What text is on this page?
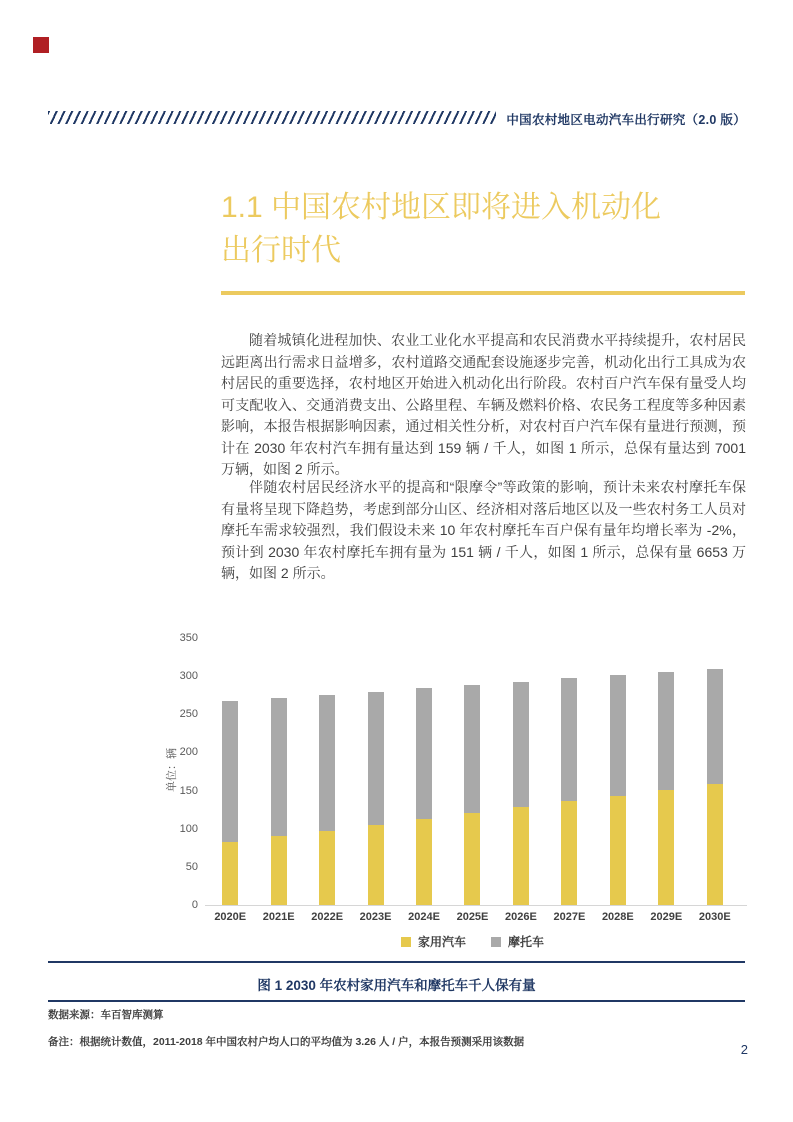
中国农村地区电动汽车出行研究（2.0 版）
1.1 中国农村地区即将进入机动化
出行时代

随着城镇化进程加快、农业工业化水平提高和农民消费水平持续提升，农村居民远距离出行需求日益增多，农村道路交通配套设施逐步完善，机动化出行工具成为农村居民的重要选择，农村地区开始进入机动化出行阶段。农村百户汽车保有量受人均可支配收入、交通消费支出、公路里程、车辆及燃料价格、农民务工程度等多种因素影响，本报告根据影响因素，通过相关性分析，对农村百户汽车保有量进行预测，预计在 2030 年农村汽车拥有量达到 159 辆 / 千人，如图 1 所示，总保有量达到 7001 万辆，如图 2 所示。

伴随农村居民经济水平的提高和“限摩令”等政策的影响，预计未来农村摩托车保有量将呈现下降趋势，考虑到部分山区、经济相对落后地区以及一些农村务工人员对摩托车需求较强烈，我们假设未来 10 年农村摩托车百户保有量年均增长率为 -2%，预计到 2030 年农村摩托车拥有量为 151 辆 / 千人，如图 1 所示，总保有量 6653 万辆，如图 2 所示。

单位：辆
0
50
100
150
200
250
300
350
2020E	2021E	2022E	2023E	2024E	2025E	2026E	2027E	2028E	2029E	2030E
家用汽车	摩托车
图 1 2030 年农村家用汽车和摩托车千人保有量
数据来源：车百智库测算
备注：根据统计数值，2011-2018 年中国农村户均人口的平均值为 3.26 人 / 户，本报告预测采用该数据	2
